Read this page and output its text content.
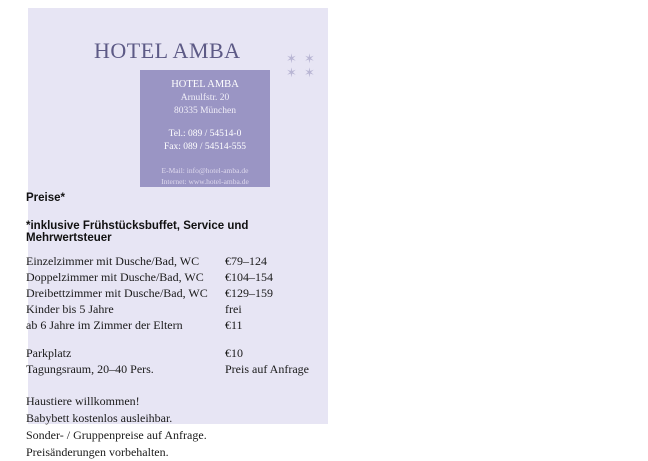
HOTEL AMBA	✶ ✶
✶ ✶
HOTEL AMBA
Arnulfstr. 20
80335 München
Tel.: 089 / 54514-0
Fax: 089 / 54514-555
E-Mail: info@hotel-amba.de
Internet: www.hotel-amba.de
Preise*
*inklusive Frühstücksbuffet, Service und Mehrwertsteuer
Einzelzimmer mit Dusche/Bad, WC	€79–124
Doppelzimmer mit Dusche/Bad, WC	€104–154
Dreibettzimmer mit Dusche/Bad, WC	€129–159
Kinder bis 5 Jahre	frei
ab 6 Jahre im Zimmer der Eltern	€11

Parkplatz	€10
Tagungsraum, 20–40 Pers.	Preis auf Anfrage
Haustiere willkommen!
Babybett kostenlos ausleihbar.
Sonder- / Gruppenpreise auf Anfrage.
Preisänderungen vorbehalten.
